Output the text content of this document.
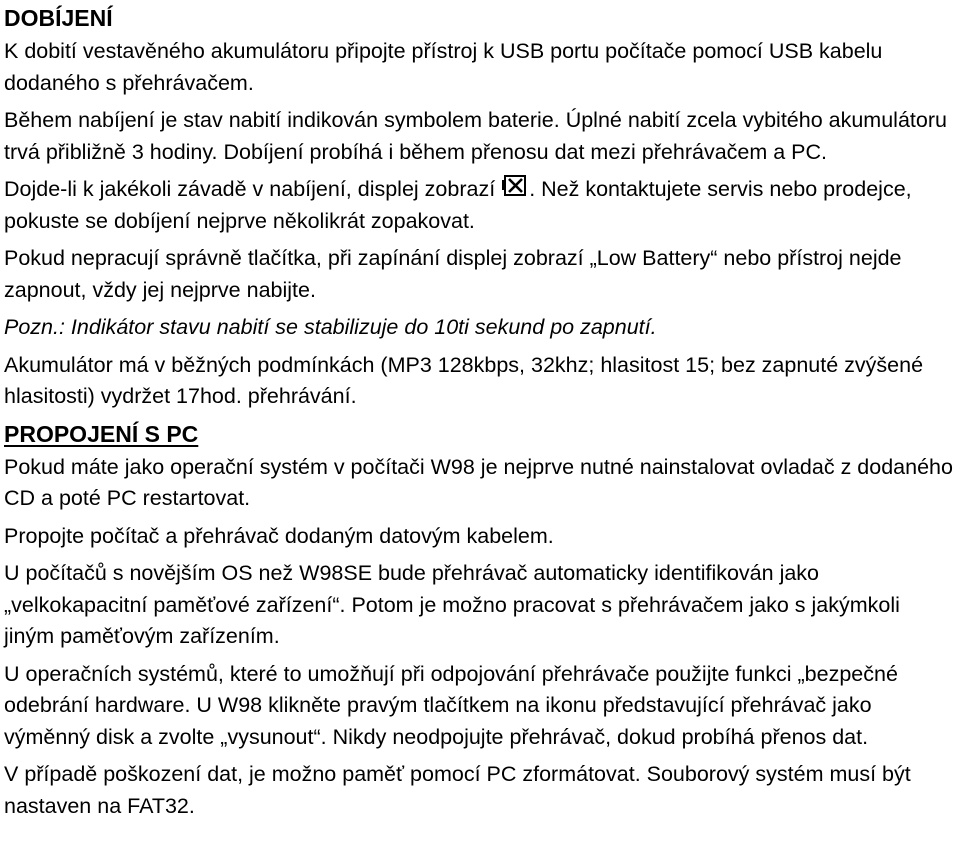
DOBÍJENÍ

K dobití vestavěného akumulátoru připojte přístroj k USB portu počítače pomocí USB kabelu dodaného s přehrávačem.

Během nabíjení je stav nabití indikován symbolem baterie. Úplné nabití zcela vybitého akumulátoru trvá přibližně 3 hodiny. Dobíjení probíhá i během přenosu dat mezi přehrávačem a PC.

Dojde-li k jakékoli závadě v nabíjení, displej zobrazí . Než kontaktujete servis nebo prodejce, pokuste se dobíjení nejprve několikrát zopakovat.

Pokud nepracují správně tlačítka, při zapínání displej zobrazí „Low Battery“ nebo přístroj nejde zapnout, vždy jej nejprve nabijte.

Pozn.: Indikátor stavu nabití se stabilizuje do 10ti sekund po zapnutí.

Akumulátor má v běžných podmínkách (MP3 128kbps, 32khz; hlasitost 15; bez zapnuté zvýšené hlasitosti) vydržet 17hod. přehrávání.

PROPOJENÍ S PC

Pokud máte jako operační systém v počítači W98 je nejprve nutné nainstalovat ovladač z dodaného CD a poté PC restartovat.

Propojte počítač a přehrávač dodaným datovým kabelem.

U počítačů s novějším OS než W98SE bude přehrávač automaticky identifikován jako „velkokapacitní paměťové zařízení“. Potom je možno pracovat s přehrávačem jako s jakýmkoli jiným paměťovým zařízením.

U operačních systémů, které to umožňují při odpojování přehrávače použijte funkci „bezpečné odebrání hardware. U W98 klikněte pravým tlačítkem na ikonu představující přehrávač jako výměnný disk a zvolte „vysunout“. Nikdy neodpojujte přehrávač, dokud probíhá přenos dat.

V případě poškození dat, je možno paměť pomocí PC zformátovat. Souborový systém musí být nastaven na FAT32.
